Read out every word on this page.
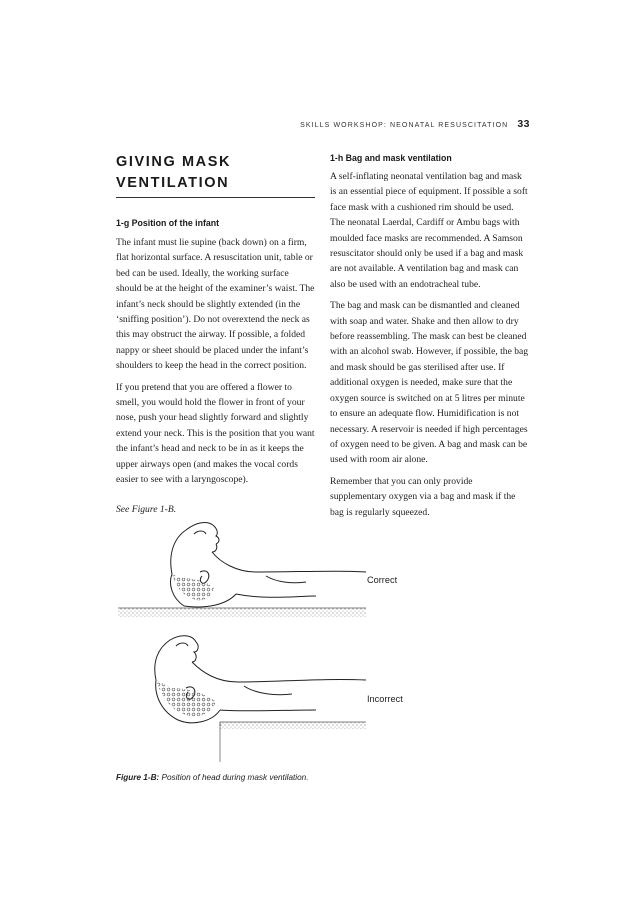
SKILLS WORKSHOP: NEONATAL RESUSCITATION 33
GIVING MASK
VENTILATION
1-g Position of the infant

The infant must lie supine (back down) on a firm, flat horizontal surface. A resuscitation unit, table or bed can be used. Ideally, the working surface should be at the height of the examiner’s waist. The infant’s neck should be slightly extended (in the ‘sniffing position’). Do not overextend the neck as this may obstruct the airway. If possible, a folded nappy or sheet should be placed under the infant’s shoulders to keep the head in the correct position.

If you pretend that you are offered a flower to smell, you would hold the flower in front of your nose, push your head slightly forward and slightly extend your neck. This is the position that you want the infant’s head and neck to be in as it keeps the upper airways open (and makes the vocal cords easier to see with a laryngoscope).

See Figure 1-B.

1-h Bag and mask ventilation

A self-inflating neonatal ventilation bag and mask is an essential piece of equipment. If possible a soft face mask with a cushioned rim should be used. The neonatal Laerdal, Cardiff or Ambu bags with moulded face masks are recommended. A Samson resuscitator should only be used if a bag and mask are not available. A ventilation bag and mask can also be used with an endotracheal tube.

The bag and mask can be dismantled and cleaned with soap and water. Shake and then allow to dry before reassembling. The mask can best be cleaned with an alcohol swab. However, if possible, the bag and mask should be gas sterilised after use. If additional oxygen is needed, make sure that the oxygen source is switched on at 5 litres per minute to ensure an adequate flow. Humidification is not necessary. A reservoir is needed if high percentages of oxygen need to be given. A bag and mask can be used with room air alone.

Remember that you can only provide supplementary oxygen via a bag and mask if the bag is regularly squeezed.

Correct
Incorrect
Figure 1-B: Position of head during mask ventilation.
